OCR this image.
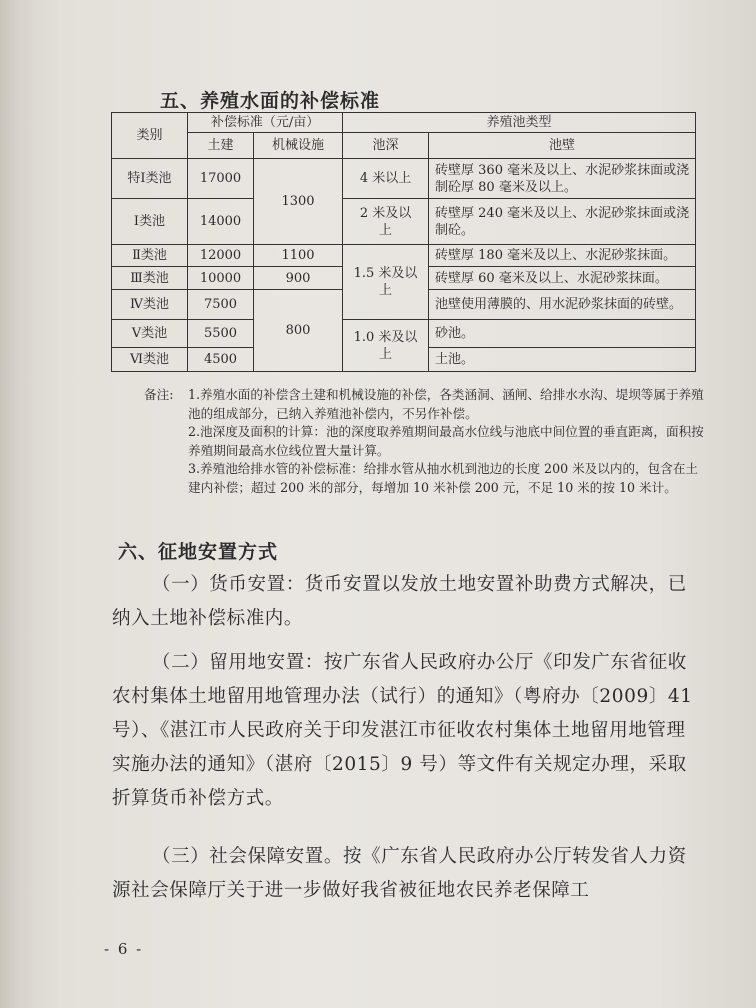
五、养殖水面的补偿标准
类别	补偿标准（元/亩）		养殖池类型	
	土建	机械设施	池深	池壁
特Ⅰ类池	17000	1300	4 米以上	砖壁厚 360 毫米及以上、水泥砂浆抹面或浇制砼厚 80 毫米及以上。
Ⅰ类池	14000		2 米及以上	砖壁厚 240 毫米及以上、水泥砂浆抹面或浇制砼。
Ⅱ类池	12000	1100	1.5 米及以上	砖壁厚 180 毫米及以上、水泥砂浆抹面。
Ⅲ类池	10000	900		砖壁厚 60 毫米及以上、水泥砂浆抹面。
Ⅳ类池	7500	800		池壁使用薄膜的、用水泥砂浆抹面的砖壁。
Ⅴ类池	5500		1.0 米及以上	砂池。
Ⅵ类池	4500			土池。
备注:	1.养殖水面的补偿含土建和机械设施的补偿，各类涵洞、涵闸、给排水水沟、堤坝等属于养殖池的组成部分，已纳入养殖池补偿内，不另作补偿。
2.池深度及面积的计算：池的深度取养殖期间最高水位线与池底中间位置的垂直距离，面积按养殖期间最高水位线位置大量计算。
3.养殖池给排水管的补偿标准：给排水管从抽水机到池边的长度 200 米及以内的，包含在土建内补偿；超过 200 米的部分，每增加 10 米补偿 200 元，不足 10 米的按 10 米计。
六、征地安置方式
（一）货币安置：货币安置以发放土地安置补助费方式解决，已纳入土地补偿标准内。
（二）留用地安置：按广东省人民政府办公厅《印发广东省征收农村集体土地留用地管理办法（试行）的通知》（粤府办〔2009〕41 号）、《湛江市人民政府关于印发湛江市征收农村集体土地留用地管理实施办法的通知》（湛府〔2015〕9 号）等文件有关规定办理，采取折算货币补偿方式。
（三）社会保障安置。按《广东省人民政府办公厅转发省人力资源社会保障厅关于进一步做好我省被征地农民养老保障工
- 6 -
